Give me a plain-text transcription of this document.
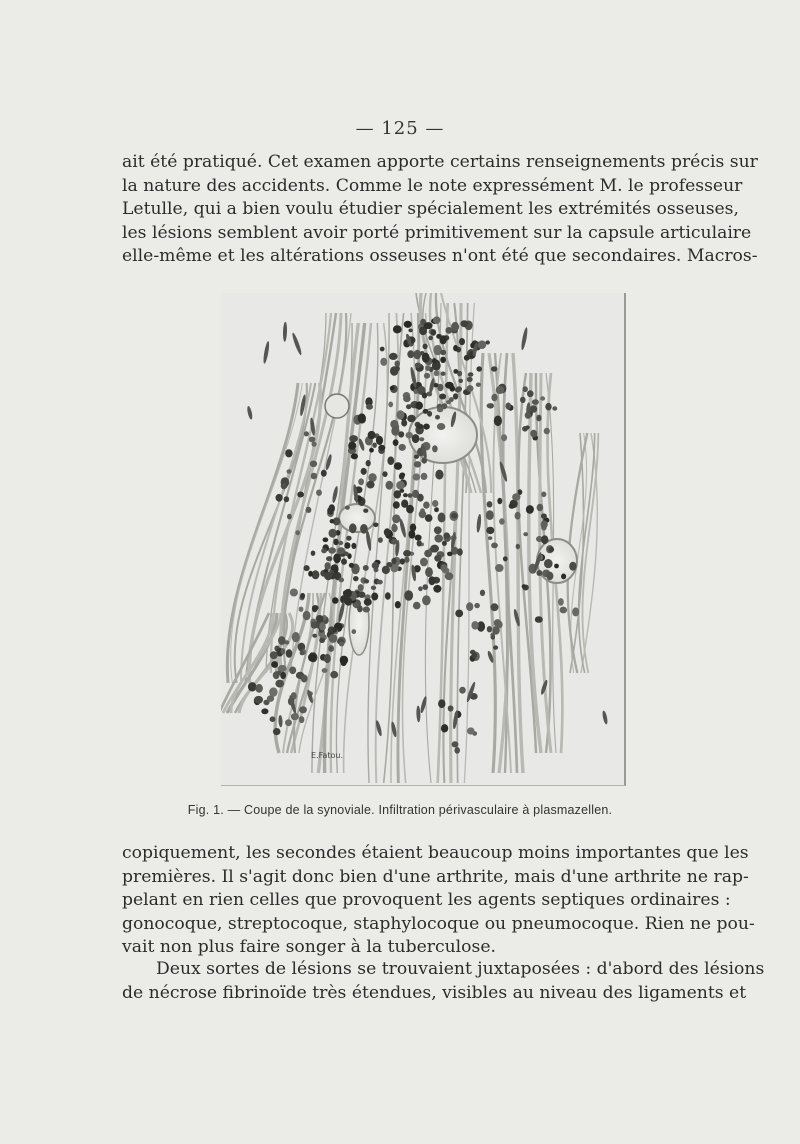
— 125 —

ait été pratiqué. Cet examen apporte certains renseignements précis sur
la nature des accidents. Comme le note expressément M. le professeur
Letulle, qui a bien voulu étudier spécialement les extrémités osseuses,
les lésions semblent avoir porté primitivement sur la capsule articulaire
elle-même et les altérations osseuses n'ont été que secondaires. Macros-

E.Fatou.
Fig. 1. — Coupe de la synoviale. Infiltration périvasculaire à plasmazellen.

copiquement, les secondes étaient beaucoup moins importantes que les
premières. Il s'agit donc bien d'une arthrite, mais d'une arthrite ne rap-
pelant en rien celles que provoquent les agents septiques ordinaires :
gonocoque, streptocoque, staphylocoque ou pneumocoque. Rien ne pou-
vait non plus faire songer à la tuberculose.

Deux sortes de lésions se trouvaient juxtaposées : d'abord des lésions
de nécrose fibrinoïde très étendues, visibles au niveau des ligaments et
